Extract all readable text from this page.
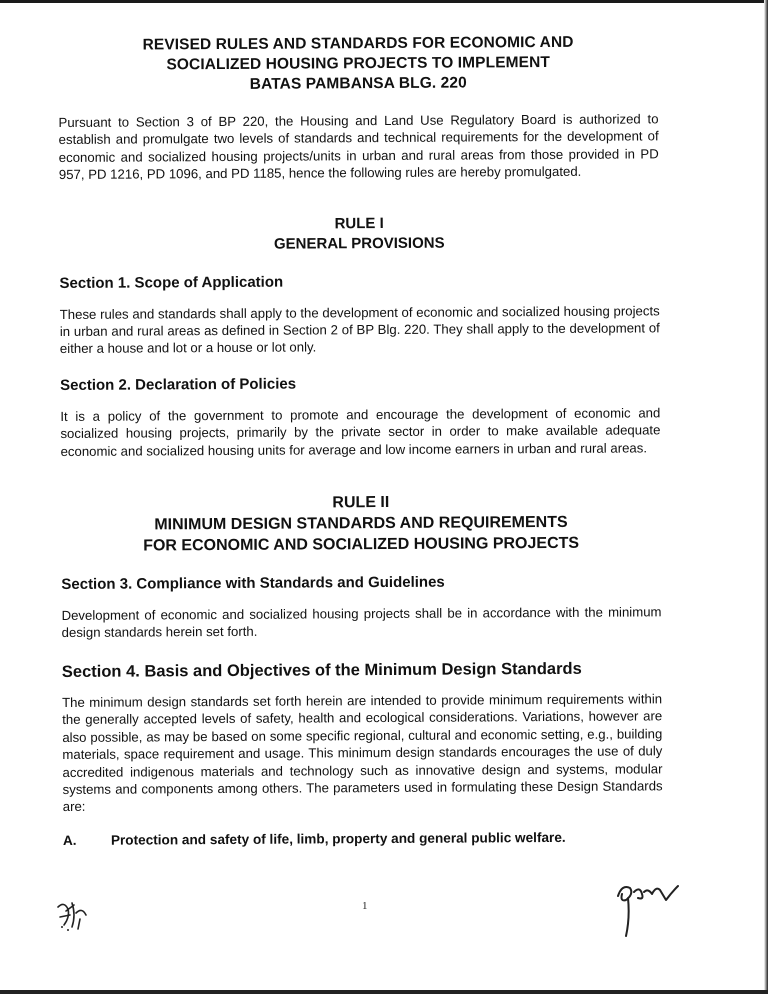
REVISED RULES AND STANDARDS FOR ECONOMIC AND
SOCIALIZED HOUSING PROJECTS TO IMPLEMENT
BATAS PAMBANSA BLG. 220

Pursuant to Section 3 of BP 220, the Housing and Land Use Regulatory Board is authorized to establish and promulgate two levels of standards and technical requirements for the development of economic and socialized housing projects/units in urban and rural areas from those provided in PD 957, PD 1216, PD 1096, and PD 1185, hence the following rules are hereby promulgated.

RULE I
GENERAL PROVISIONS
Section 1. Scope of Application

These rules and standards shall apply to the development of economic and socialized housing projects in urban and rural areas as defined in Section 2 of BP Blg. 220. They shall apply to the development of either a house and lot or a house or lot only.

Section 2. Declaration of Policies

It is a policy of the government to promote and encourage the development of economic and socialized housing projects, primarily by the private sector in order to make available adequate economic and socialized housing units for average and low income earners in urban and rural areas.

RULE II
MINIMUM DESIGN STANDARDS AND REQUIREMENTS
FOR ECONOMIC AND SOCIALIZED HOUSING PROJECTS
Section 3. Compliance with Standards and Guidelines

Development of economic and socialized housing projects shall be in accordance with the minimum design standards herein set forth.

Section 4. Basis and Objectives of the Minimum Design Standards

The minimum design standards set forth herein are intended to provide minimum requirements within the generally accepted levels of safety, health and ecological considerations. Variations, however are also possible, as may be based on some specific regional, cultural and economic setting, e.g., building materials, space requirement and usage. This minimum design standards encourages the use of duly accredited indigenous materials and technology such as innovative design and systems, modular systems and components among others. The parameters used in formulating these Design Standards are:

A.	Protection and safety of life, limb, property and general public welfare.
1
